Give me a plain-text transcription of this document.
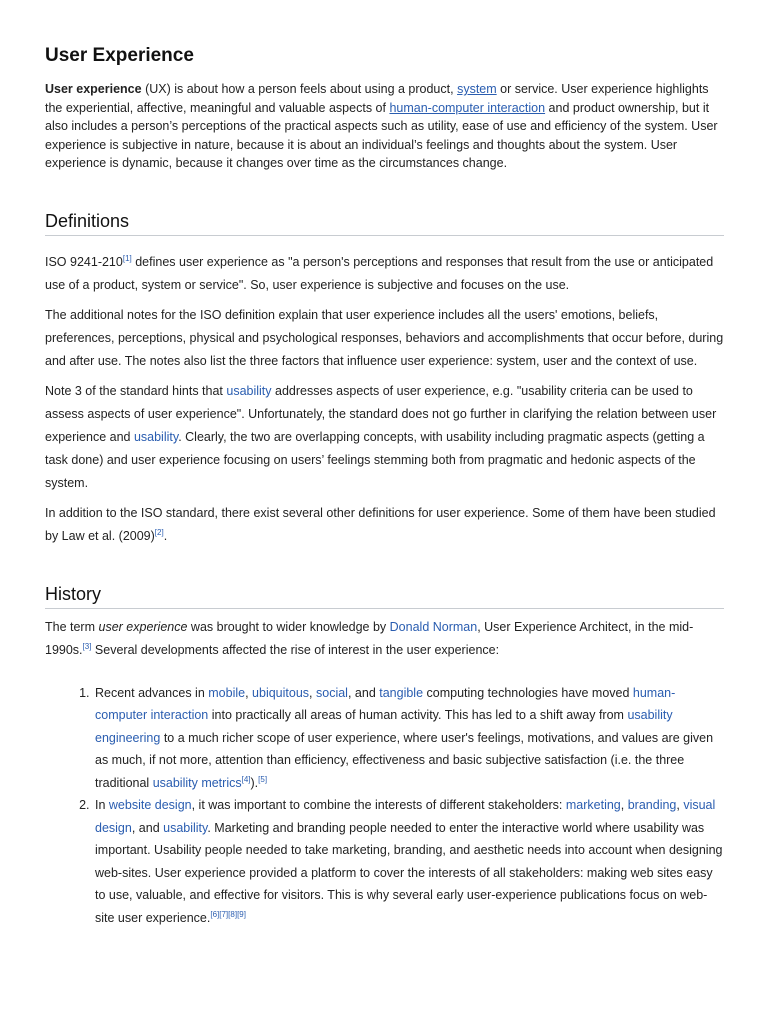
User Experience

User experience (UX) is about how a person feels about using a product, system or service. User experience highlights the experiential, affective, meaningful and valuable aspects of human-computer interaction and product ownership, but it also includes a person’s perceptions of the practical aspects such as utility, ease of use and efficiency of the system. User experience is subjective in nature, because it is about an individual’s feelings and thoughts about the system. User experience is dynamic, because it changes over time as the circumstances change.

Definitions

ISO 9241-210[1] defines user experience as "a person's perceptions and responses that result from the use or anticipated use of a product, system or service". So, user experience is subjective and focuses on the use.

The additional notes for the ISO definition explain that user experience includes all the users' emotions, beliefs, preferences, perceptions, physical and psychological responses, behaviors and accomplishments that occur before, during and after use. The notes also list the three factors that influence user experience: system, user and the context of use.

Note 3 of the standard hints that usability addresses aspects of user experience, e.g. "usability criteria can be used to assess aspects of user experience". Unfortunately, the standard does not go further in clarifying the relation between user experience and usability. Clearly, the two are overlapping concepts, with usability including pragmatic aspects (getting a task done) and user experience focusing on users’ feelings stemming both from pragmatic and hedonic aspects of the system.

In addition to the ISO standard, there exist several other definitions for user experience. Some of them have been studied by Law et al. (2009)[2].

History

The term user experience was brought to wider knowledge by Donald Norman, User Experience Architect, in the mid-1990s.[3] Several developments affected the rise of interest in the user experience:

1. Recent advances in mobile, ubiquitous, social, and tangible computing technologies have moved human-computer interaction into practically all areas of human activity. This has led to a shift away from usability engineering to a much richer scope of user experience, where user's feelings, motivations, and values are given as much, if not more, attention than efficiency, effectiveness and basic subjective satisfaction (i.e. the three traditional usability metrics[4]).[5]
2. In website design, it was important to combine the interests of different stakeholders: marketing, branding, visual design, and usability. Marketing and branding people needed to enter the interactive world where usability was important. Usability people needed to take marketing, branding, and aesthetic needs into account when designing web-sites. User experience provided a platform to cover the interests of all stakeholders: making web sites easy to use, valuable, and effective for visitors. This is why several early user-experience publications focus on web-site user experience.[6][7][8][9]
